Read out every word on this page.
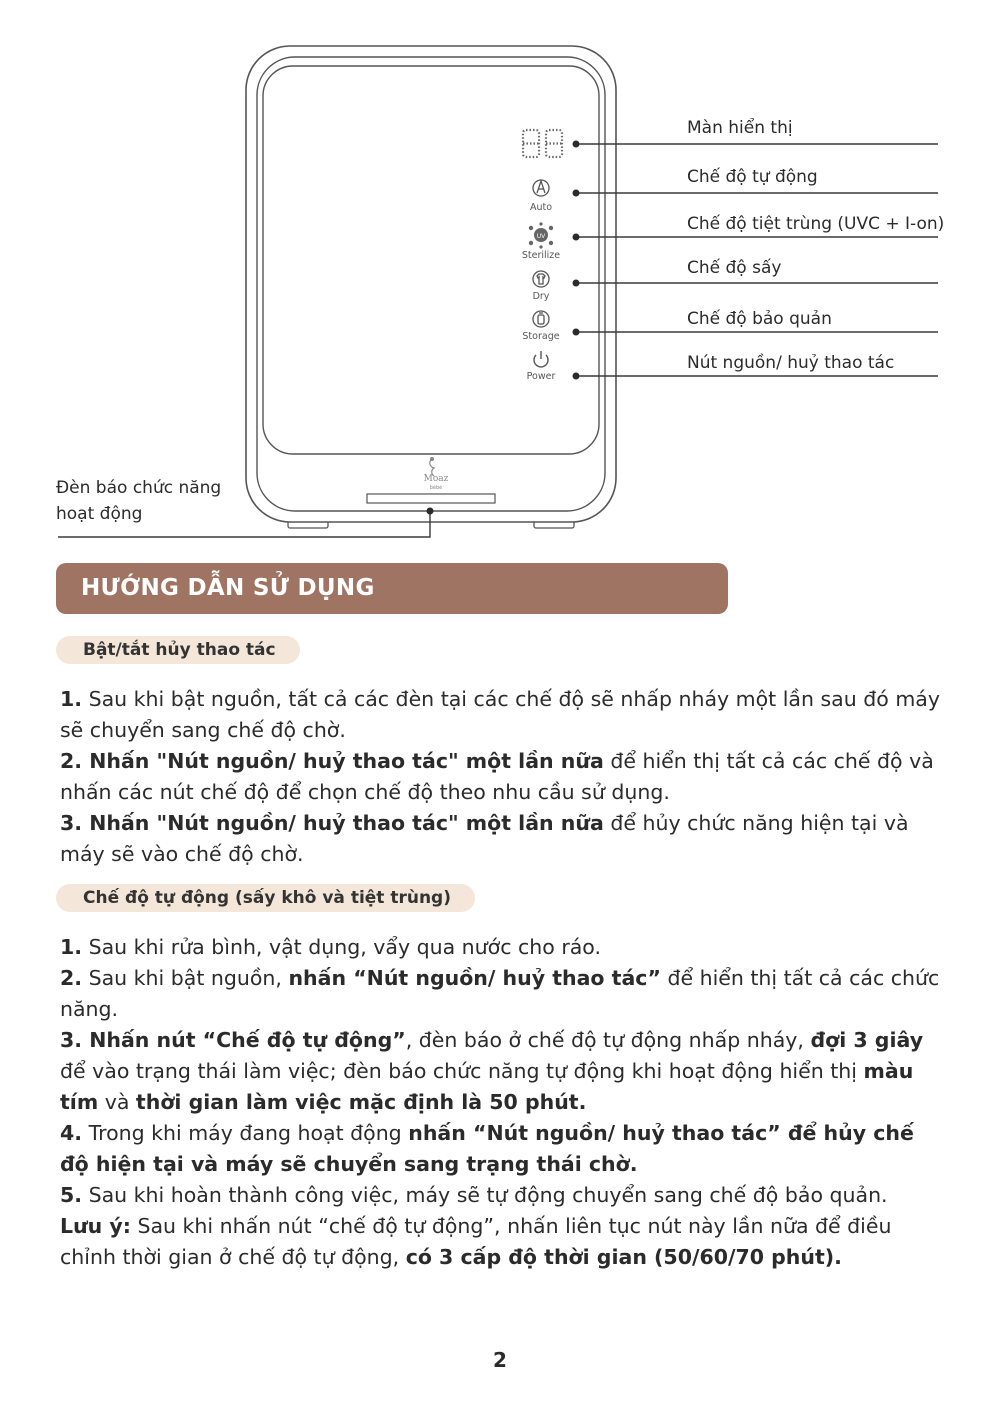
Auto
UV
Sterilize
Dry
Storage
Power
Moaz
bébé
Màn hiển thị
Chế độ tự động
Chế độ tiệt trùng (UVC + I-on)
Chế độ sấy
Chế độ bảo quản
Nút nguồn/ huỷ thao tác
Đèn báo chức năng
hoạt động
HƯỚNG DẪN SỬ DỤNG
Bật/tắt hủy thao tác

1. Sau khi bật nguồn, tất cả các đèn tại các chế độ sẽ nhấp nháy một lần sau đó máy sẽ chuyển sang chế độ chờ.

2. Nhấn "Nút nguồn/ huỷ thao tác" một lần nữa để hiển thị tất cả các chế độ và nhấn các nút chế độ để chọn chế độ theo nhu cầu sử dụng.

3. Nhấn "Nút nguồn/ huỷ thao tác" một lần nữa để hủy chức năng hiện tại và máy sẽ vào chế độ chờ.

Chế độ tự động (sấy khô và tiệt trùng)

1. Sau khi rửa bình, vật dụng, vẩy qua nước cho ráo.

2. Sau khi bật nguồn, nhấn “Nút nguồn/ huỷ thao tác” để hiển thị tất cả các chức năng.

3. Nhấn nút “Chế độ tự động”, đèn báo ở chế độ tự động nhấp nháy, đợi 3 giây để vào trạng thái làm việc; đèn báo chức năng tự động khi hoạt động hiển thị màu tím và thời gian làm việc mặc định là 50 phút.

4. Trong khi máy đang hoạt động nhấn “Nút nguồn/ huỷ thao tác” để hủy chế độ hiện tại và máy sẽ chuyển sang trạng thái chờ.

5. Sau khi hoàn thành công việc, máy sẽ tự động chuyển sang chế độ bảo quản.

Lưu ý: Sau khi nhấn nút “chế độ tự động”, nhấn liên tục nút này lần nữa để điều chỉnh thời gian ở chế độ tự động, có 3 cấp độ thời gian (50/60/70 phút).

2
